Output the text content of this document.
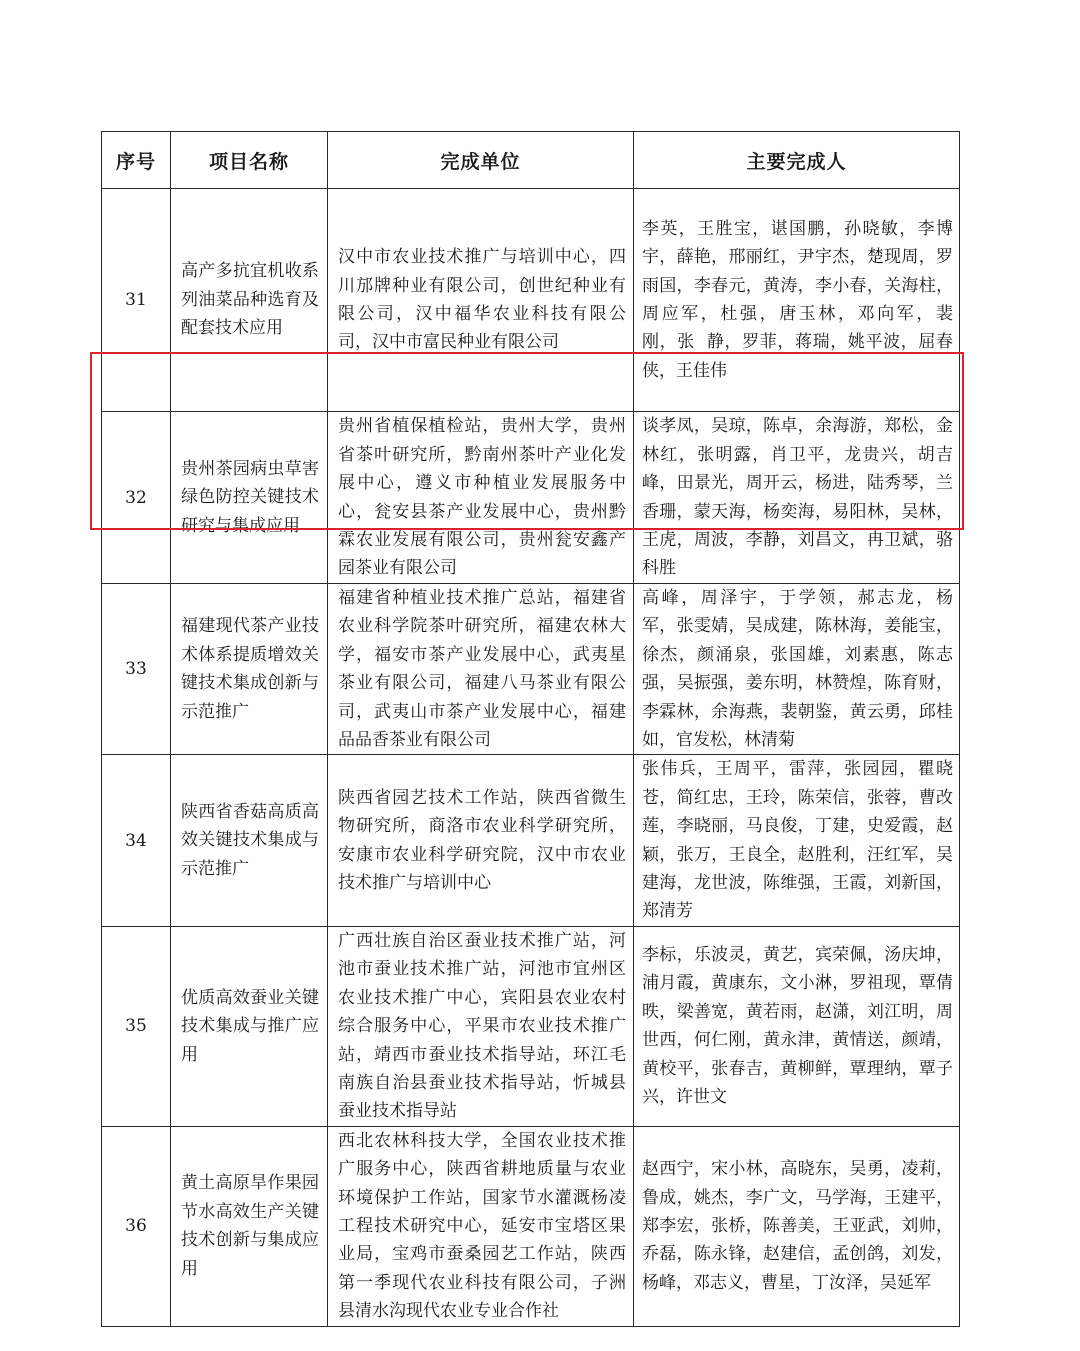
序号	项目名称	完成单位	主要完成人
31	高产多抗宜机收系列油菜品种选育及配套技术应用	汉中市农业技术推广与培训中心，四川邡牌种业有限公司，创世纪种业有限公司，汉中福华农业科技有限公司，汉中市富民种业有限公司	李英，王胜宝，谌国鹏，孙晓敏，李博宇，薛艳，邢丽红，尹宇杰，楚现周，罗雨国，李春元，黄涛，李小春，关海柱，周应军，杜强，唐玉林，邓向军，裴  刚，张  静，罗菲，蒋瑞，姚平波，屈春侠，王佳伟

32	贵州茶园病虫草害绿色防控关键技术研究与集成应用	贵州省植保植检站，贵州大学，贵州省茶叶研究所，黔南州茶叶产业化发展中心，遵义市种植业发展服务中心，瓮安县茶产业发展中心，贵州黔霖农业发展有限公司，贵州瓮安鑫产园茶业有限公司	谈孝凤，吴琼，陈卓，余海游，郑松，金林红，张明露，肖卫平，龙贵兴，胡吉峰，田景光，周开云，杨进，陆秀琴，兰香珊，蒙天海，杨奕海，易阳林，吴林，王虎，周波，李静，刘昌文，冉卫斌，骆科胜

33	福建现代茶产业技术体系提质增效关键技术集成创新与示范推广	福建省种植业技术推广总站，福建省农业科学院茶叶研究所，福建农林大学，福安市茶产业发展中心，武夷星茶业有限公司，福建八马茶业有限公司，武夷山市茶产业发展中心，福建品品香茶业有限公司	高峰，周泽宇，于学领，郝志龙，杨  军，张雯婧，吴成建，陈林海，姜能宝，徐杰，颜涌泉，张国雄，刘素惠，陈志强，吴振强，姜东明，林赞煌，陈育财，李霖林，余海燕，裴朝鉴，黄云勇，邱桂如，官发松，林清菊

34	陕西省香菇高质高效关键技术集成与示范推广	陕西省园艺技术工作站，陕西省微生物研究所，商洛市农业科学研究所，安康市农业科学研究院，汉中市农业技术推广与培训中心	张伟兵，王周平，雷萍，张园园，瞿晓苍，简红忠，王玲，陈荣信，张蓉，曹改莲，李晓丽，马良俊，丁建，史爱霞，赵颖，张万，王良全，赵胜利，汪红军，吴建海，龙世波，陈维强，王霞，刘新国，郑清芳

35	优质高效蚕业关键技术集成与推广应用	广西壮族自治区蚕业技术推广站，河池市蚕业技术推广站，河池市宜州区农业技术推广中心，宾阳县农业农村综合服务中心，平果市农业技术推广站，靖西市蚕业技术指导站，环江毛南族自治县蚕业技术指导站，忻城县蚕业技术指导站	李标，乐波灵，黄艺，宾荣佩，汤庆坤，浦月霞，黄康东，文小淋，罗祖现，覃倩昳，梁善宽，黄若雨，赵潇，刘江明，周世西，何仁刚，黄永津，黄情送，颜靖，黄校平，张春吉，黄柳鲜，覃理纳，覃子兴，许世文

36	黄土高原旱作果园节水高效生产关键技术创新与集成应用	西北农林科技大学，全国农业技术推广服务中心，陕西省耕地质量与农业环境保护工作站，国家节水灌溉杨凌工程技术研究中心，延安市宝塔区果业局，宝鸡市蚕桑园艺工作站，陕西第一季现代农业科技有限公司，子洲县清水沟现代农业专业合作社	赵西宁，宋小林，高晓东，吴勇，凌莉，鲁成，姚杰，李广文，马学海，王建平，郑李宏，张桥，陈善美，王亚武，刘帅，乔磊，陈永锋，赵建信，孟创鸽，刘发，杨峰，邓志义，曹星，丁汝泽，吴延军
